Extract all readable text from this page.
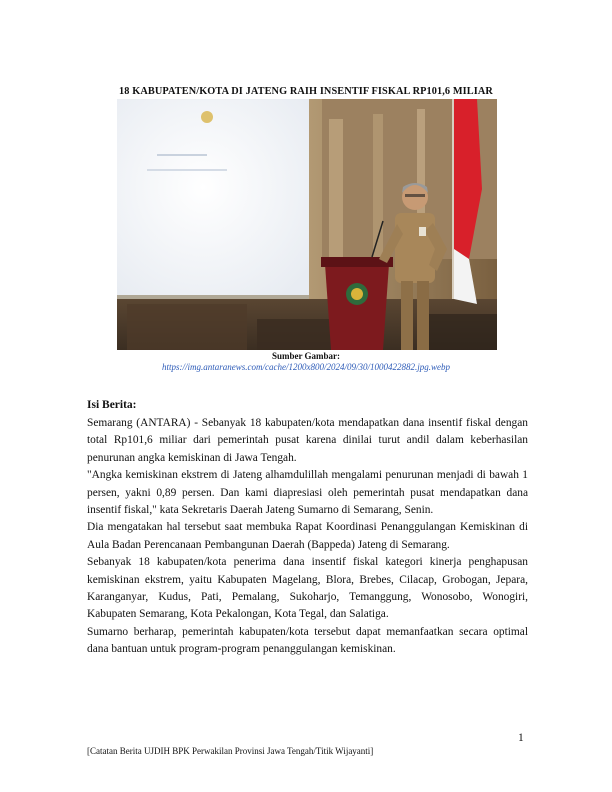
18 KABUPATEN/KOTA DI JATENG RAIH INSENTIF FISKAL RP101,6 MILIAR
Sumber Gambar:
https://img.antaranews.com/cache/1200x800/2024/09/30/1000422882.jpg.webp
Isi Berita:

Semarang (ANTARA) - Sebanyak 18 kabupaten/kota mendapatkan dana insentif fiskal dengan total Rp101,6 miliar dari pemerintah pusat karena dinilai turut andil dalam keberhasilan penurunan angka kemiskinan di Jawa Tengah.

"Angka kemiskinan ekstrem di Jateng alhamdulillah mengalami penurunan menjadi di bawah 1 persen, yakni 0,89 persen. Dan kami diapresiasi oleh pemerintah pusat mendapatkan dana insentif fiskal," kata Sekretaris Daerah Jateng Sumarno di Semarang, Senin.

Dia mengatakan hal tersebut saat membuka Rapat Koordinasi Penanggulangan Kemiskinan di Aula Badan Perencanaan Pembangunan Daerah (Bappeda) Jateng di Semarang.

Sebanyak 18 kabupaten/kota penerima dana insentif fiskal kategori kinerja penghapusan kemiskinan ekstrem, yaitu Kabupaten Magelang, Blora, Brebes, Cilacap, Grobogan, Jepara, Karanganyar, Kudus, Pati, Pemalang, Sukoharjo, Temanggung, Wonosobo, Wonogiri, Kabupaten Semarang, Kota Pekalongan, Kota Tegal, dan Salatiga.

Sumarno berharap, pemerintah kabupaten/kota tersebut dapat memanfaatkan secara optimal dana bantuan untuk program-program penanggulangan kemiskinan.

1
[Catatan Berita UJDIH BPK Perwakilan Provinsi Jawa Tengah/Titik Wijayanti]
